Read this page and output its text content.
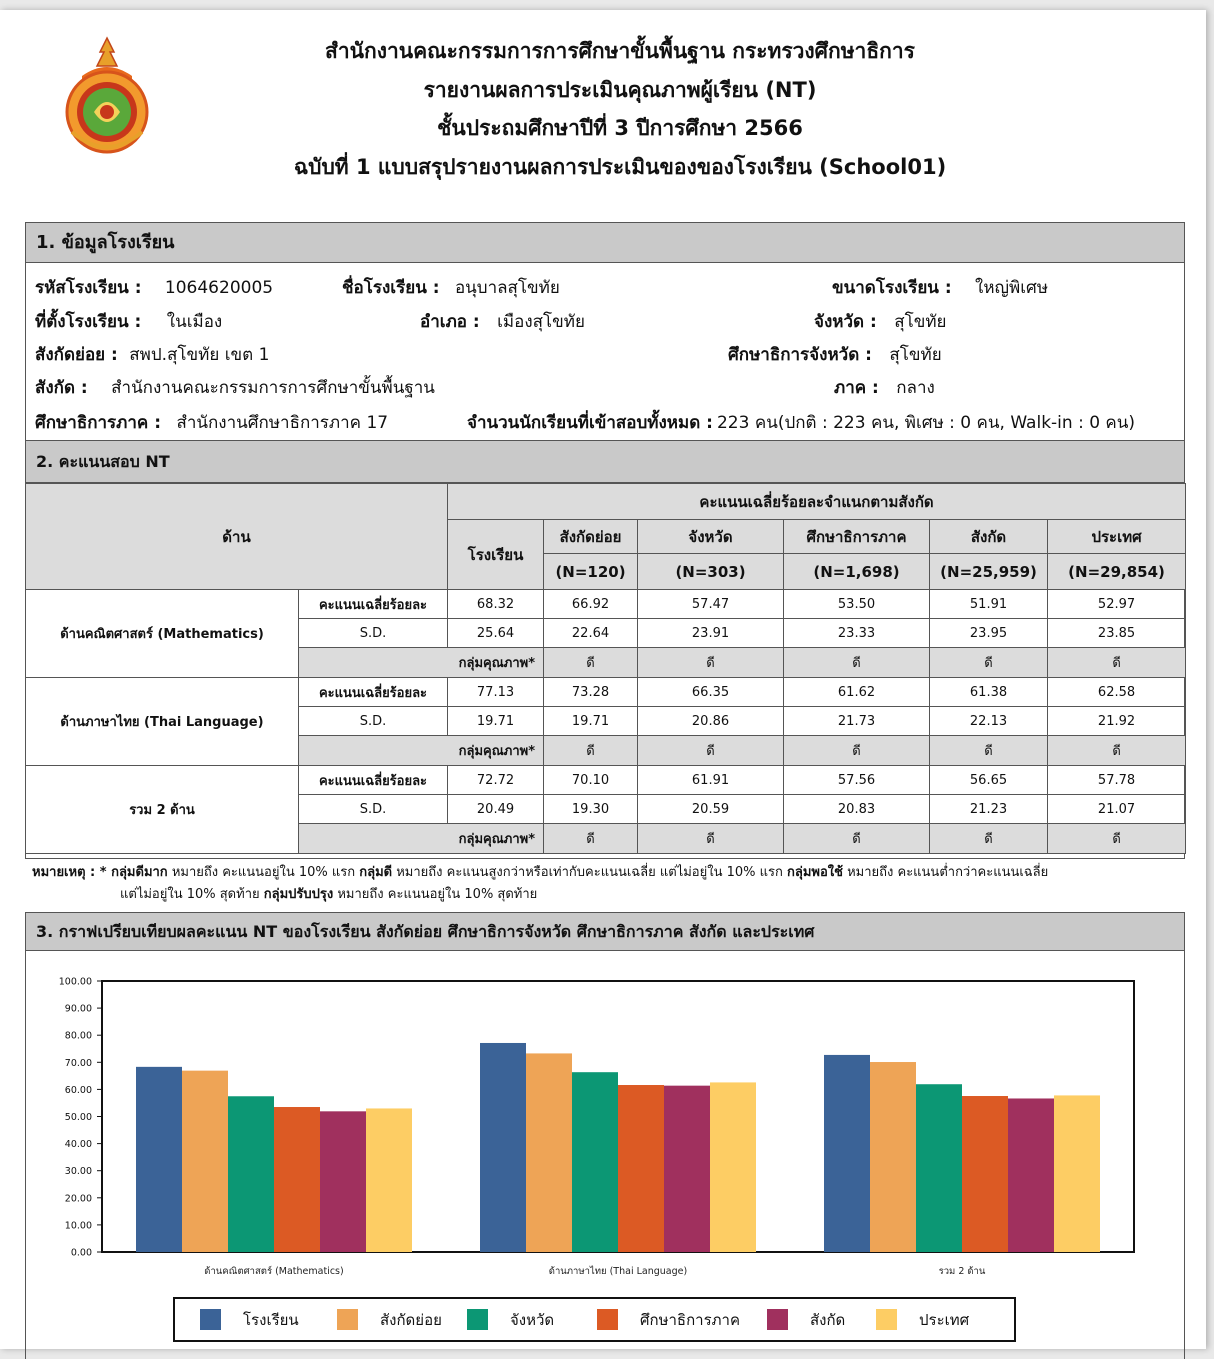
สำนักงานคณะกรรมการการศึกษาขั้นพื้นฐาน กระทรวงศึกษาธิการ
รายงานผลการประเมินคุณภาพผู้เรียน (NT)
ชั้นประถมศึกษาปีที่ 3 ปีการศึกษา 2566
ฉบับที่ 1 แบบสรุปรายงานผลการประเมินของของโรงเรียน (School01)
1. ข้อมูลโรงเรียน
รหัสโรงเรียน : 1064620005	ชื่อโรงเรียน : อนุบาลสุโขทัย	ขนาดโรงเรียน : ใหญ่พิเศษ
ที่ตั้งโรงเรียน : ในเมือง	อำเภอ : เมืองสุโขทัย	จังหวัด : สุโขทัย
สังกัดย่อย : สพป.สุโขทัย เขต 1	ศึกษาธิการจังหวัด : สุโขทัย
สังกัด : สำนักงานคณะกรรมการการศึกษาขั้นพื้นฐาน	ภาค : กลาง
ศึกษาธิการภาค : สำนักงานศึกษาธิการภาค 17	จำนวนนักเรียนที่เข้าสอบทั้งหมด : 223 คน(ปกติ : 223 คน, พิเศษ : 0 คน, Walk-in : 0 คน)
2. คะแนนสอบ NT
ด้าน		คะแนนเฉลี่ยร้อยละจำแนกตามสังกัด					
		โรงเรียน	สังกัดย่อย	จังหวัด	ศึกษาธิการภาค	สังกัด	ประเทศ
			(N=120)	(N=303)	(N=1,698)	(N=25,959)	(N=29,854)
ด้านคณิตศาสตร์ (Mathematics)	คะแนนเฉลี่ยร้อยละ	68.32	66.92	57.47	53.50	51.91	52.97
	S.D.	25.64	22.64	23.91	23.33	23.95	23.85
	กลุ่มคุณภาพ*		ดี	ดี	ดี	ดี	ดี
ด้านภาษาไทย (Thai Language)	คะแนนเฉลี่ยร้อยละ	77.13	73.28	66.35	61.62	61.38	62.58
	S.D.	19.71	19.71	20.86	21.73	22.13	21.92
	กลุ่มคุณภาพ*		ดี	ดี	ดี	ดี	ดี
รวม 2 ด้าน	คะแนนเฉลี่ยร้อยละ	72.72	70.10	61.91	57.56	56.65	57.78
	S.D.	20.49	19.30	20.59	20.83	21.23	21.07
	กลุ่มคุณภาพ*		ดี	ดี	ดี	ดี	ดี
หมายเหตุ : * กลุ่มดีมาก หมายถึง คะแนนอยู่ใน 10% แรก กลุ่มดี หมายถึง คะแนนสูงกว่าหรือเท่ากับคะแนนเฉลี่ย แต่ไม่อยู่ใน 10% แรก กลุ่มพอใช้ หมายถึง คะแนนต่ำกว่าคะแนนเฉลี่ย
แต่ไม่อยู่ใน 10% สุดท้าย กลุ่มปรับปรุง หมายถึง คะแนนอยู่ใน 10% สุดท้าย
3. กราฟเปรียบเทียบผลคะแนน NT ของโรงเรียน สังกัดย่อย ศึกษาธิการจังหวัด ศึกษาธิการภาค สังกัด และประเทศ
0.00
10.00
20.00
30.00
40.00
50.00
60.00
70.00
80.00
90.00
100.00
ด้านคณิตศาสตร์ (Mathematics)	ด้านภาษาไทย (Thai Language)	รวม 2 ด้าน
โรงเรียน	สังกัดย่อย	จังหวัด	ศึกษาธิการภาค	สังกัด	ประเทศ
